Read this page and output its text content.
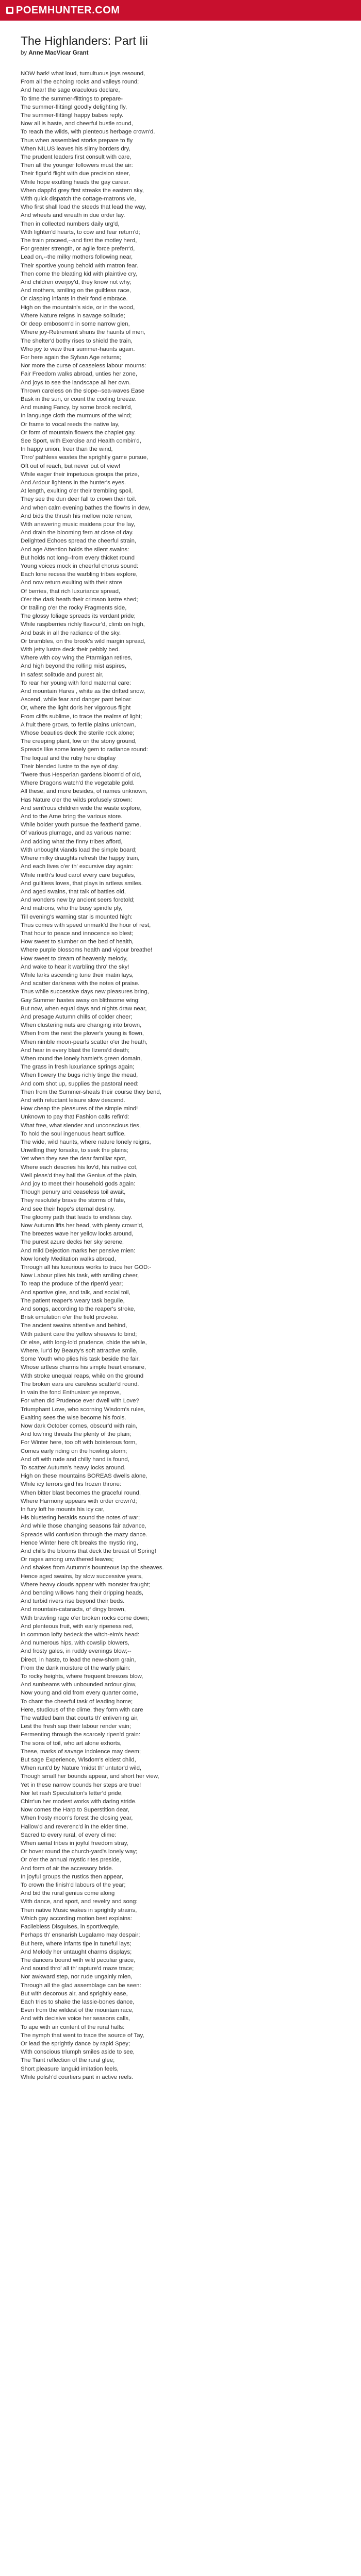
POEMHUNTER.COM
The Highlanders: Part Iii
by Anne MacVicar Grant
NOW hark! what loud, tumultuous joys resound,
From all the echoing rocks and valleys round;
And hear! the sage oraculous declare,
To time the summer-flittings to prepare-
The summer-flitting! goodly delighting fly,
The summer-flitting! happy babes reply.
Now all is haste, and cheerful bustle round,
To reach the wilds, with plenteous herbage crown'd.
Thus when assembled storks prepare to fly
When NILUS leaves his slimy borders dry,
The prudent leaders first consult with care,
Then all the younger followers must the air:
Their figur'd flight with due precision steer,
While hope exulting heads the gay career.
When dappl'd grey first streaks the eastern sky,
With quick dispatch the cottage-matrons vie,
Who first shall load the steeds that lead the way,
And wheels and wreath in due order lay.
Then in collected numbers daily urg'd,
With lighten'd hearts, to cow and fear return'd;
The train proceed,--and first the motley herd,
For greater strength, or agile force preferr'd,
Lead on,--the milky mothers following near,
Their sportive young behold with matron fear.
Then come the bleating kid with plaintive cry,
And children overjoy'd, they know not why;
And mothers, smiling on the guiltless race,
Or clasping infants in their fond embrace.
High on the mountain's side, or in the wood,
Where Nature reigns in savage solitude;
Or deep embosom'd in some narrow glen,
Where joy-Retirement shuns the haunts of men,
The shelter'd bothy rises to shield the train,
Who joy to view their summer-haunts again.
For here again the Sylvan Age returns;
Nor more the curse of ceaseless labour mourns:
Fair Freedom walks abroad, unties her zone,
And joys to see the landscape all her own.
Thrown careless on the slope--sea-waves Ease
Bask in the sun, or count the cooling breeze.
And musing Fancy, by some brook reclin'd,
In language cloth the murmurs of the wind;
Or frame to vocal reeds the native lay,
Or form of mountain flowers the chaplet gay.
See Sport, with Exercise and Health combin'd,
In happy union, freer than the wind,
Thro' pathless wastes the sprightly game pursue,
Oft out of reach, but never out of view!
While eager their impetuous groups the prize,
And Ardour lightens in the hunter's eyes.
At length, exulting o'er their trembling spoil,
They see the dun deer fall to crown their toil.
And when calm evening bathes the flow'rs in dew,
And bids the thrush his mellow note renew,
With answering music maidens pour the lay,
And drain the blooming fern at close of day.
Delighted Echoes spread the cheerful strain,
And age Attention holds the silent swains:
But holds not long--from every thicket round
Young voices mock in cheerful chorus sound:
Each lone recess the warbling tribes explore,
And now return exulting with their store
Of berries, that rich luxuriance spread,
O'er the dark heath their crimson lustre shed;
Or trailing o'er the rocky Fragments side,
The glossy foliage spreads its verdant pride;
While raspberries richly flavour'd, climb on high,
And bask in all the radiance of the sky.
Or brambles, on the brook's wild margin spread,
With jetty lustre deck their pebbly bed.
Where with coy wing the Ptarmigan retires,
And high beyond the rolling mist aspires,
In safest solitude and purest air,
To rear her young with fond maternal care:
And mountain Hares , white as the drifted snow,
Ascend, while fear and danger pant below:
Or, where the light doris her vigorous flight
From cliffs sublime, to trace the realms of light;
A fruit there grows, to fertile plains unknown,
Whose beauties deck the sterile rock alone;
The creeping plant, low on the stony ground,
Spreads like some lonely gem to radiance round:
The loqual and the ruby here display
Their blended lustre to the eye of day.
'Twere thus Hesperian gardens bloom'd of old,
Where Dragons watch'd the vegetable gold.
All these, and more besides, of names unknown,
Has Nature o'er the wilds profusely strown:
And sent'rous children wide the waste explore,
And to the Arne bring the various store.
While bolder youth pursue the feather'd game,
Of various plumage, and as various name:
And adding what the finny tribes afford,
With unbought viands load the simple board;
Where milky draughts refresh the happy train,
And each lives o'er th' excursive day again:
While mirth's loud carol every care beguiles,
And guiltless loves, that plays in artless smiles.
And aged swains, that talk of battles old,
And wonders new by ancient seers foretold;
And matrons, who the busy spindle ply,
Till evening's warning star is mounted high:
Thus comes with speed unmark'd the hour of rest,
That hour to peace and innocence so blest;
How sweet to slumber on the bed of health,
Where purple blossoms health and vigour breathe!
How sweet to dream of heavenly melody,
And wake to hear it warbling thro' the sky!
While larks ascending tune their matin lays,
And scatter darkness with the notes of praise.
Thus while successive days new pleasures bring,
Gay Summer hastes away on blithsome wing:
But now, when equal days and nights draw near,
And presage Autumn chills of colder cheer;
When clustering nuts are changing into brown,
When from the nest the plover's young is flown,
When nimble moon-pearls scatter o'er the heath,
And hear in every blast the lizens'd death;
When round the lonely hamlet's green domain,
The grass in fresh luxuriance springs again;
When flowery the bugs richly tinge the mead,
And corn shot up, supplies the pastoral need:
Then from the Summer-sheals their course they bend,
And with reluctant leisure slow descend.
How cheap the pleasures of the simple mind!
Unknown to pay that Fashion calls refin'd:
What free, what slender and unconscious ties,
To hold the soul ingenuous heart suffice.
The wide, wild haunts, where nature lonely reigns,
Unwilling they forsake, to seek the plains;
Yet when they see the dear familiar spot,
Where each descries his lov'd, his native cot,
Well pleas'd they hail the Genius of the plain,
And joy to meet their household gods again:
Though penury and ceaseless toil await,
They resolutely brave the storms of fate,
And see their hope's eternal destiny.
The gloomy path that leads to endless day.
Now Autumn lifts her head, with plenty crown'd,
The breezes wave her yellow locks around,
The purest azure decks her sky serene,
And mild Dejection marks her pensive mien:
Now lonely Meditation walks abroad,
Through all his luxurious works to trace her GOD:-
Now Labour plies his task, with smiling cheer,
To reap the produce of the ripen'd year;
And sportive glee, and talk, and social toil,
The patient reaper's weary task beguile,
And songs, according to the reaper's stroke,
Brisk emulation o'er the field provoke.
The ancient swains attentive and behind,
With patient care the yellow sheaves to bind;
Or else, with long-lo'd prudence, chide the while,
Where, lur'd by Beauty's soft attractive smile,
Some Youth who plies his task beside the fair,
Whose artless charms his simple heart ensnare,
With stroke unequal reaps, while on the ground
The broken ears are careless scatter'd round.
In vain the fond Enthusiast ye reprove,
For when did Prudence ever dwell with Love?
Triumphant Love, who scorning Wisdom's rules,
Exalting sees the wise become his fools.
Now dark October comes, obscur'd with rain,
And low'ring threats the plenty of the plain;
For Winter here, too oft with boisterous form,
Comes early riding on the howling storm;
And oft with rude and chilly hand is found,
To scatter Autumn's heavy locks around.
High on these mountains BOREAS dwells alone,
While icy terrors gird his frozen throne:
When bitter blast becomes the graceful round,
Where Harmony appears with order crown'd;
In fury loft he mounts his icy car,
His blustering heralds sound the notes of war;
And while those changing seasons fair advance,
Spreads wild confusion through the mazy dance.
Hence Winter here oft breaks the mystic ring,
And chills the blooms that deck the breast of Spring!
Or rages among unwithered leaves;
And shakes from Autumn's bounteous lap the sheaves.
Hence aged swains, by slow successive years,
Where heavy clouds appear with monster fraught;
And bending willows hang their dripping heads,
And turbid rivers rise beyond their beds.
And mountain-cataracts, of dingy brown,
With brawling rage o'er broken rocks come down;
And plenteous fruit, with early ripeness red,
In common lofty bedeck the witch-elm's head:
And numerous hips, with cowslip blowers,
And frosty gales, in ruddy evenings blow;--
Direct, in haste, to lead the new-shorn grain,
From the dank moisture of the warfy plain:
To rocky heights, where frequent breezes blow,
And sunbeams with unbounded ardour glow,
Now young and old from every quarter come,
To chant the cheerful task of leading home;
Here, studious of the clime, they form with care
The wattled barn that courts th' enlivening air,
Lest the fresh sap their labour render vain;
Fermenting through the scarcely ripen'd grain:
The sons of toil, who art alone exhorts,
These, marks of savage indolence may deem;
But sage Experience, Wisdom's eldest child,
When runt'd by Nature 'midst th' untutor'd wild,
Though small her bounds appear, and short her view,
Yet in these narrow bounds her steps are true!
Nor let rash Speculation's letter'd pride,
Chirr'un her modest works with daring stride.
Now comes the Harp to Superstition dear,
When frosty moon's forest the closing year,
Hallow'd and reverenc'd in the elder time,
Sacred to every rural, of every clime:
When aerial tribes in joyful freedom stray,
Or hover round the church-yard's lonely way;
Or o'er the annual mystic rites preside,
And form of air the accessory bride.
In joyful groups the rustics then appear,
To crown the finish'd labours of the year;
And bid the rural genius come along
With dance, and sport, and revelry and song:
Then native Music wakes in sprightly strains,
Which gay according motion best explains:
Facilebless Disguises, in sportiveqyle,
Perhaps th' ensnarish Lugalamo may despair;
But here, where infants tipe in tuneful lays;
And Melody her untaught charms displays;
The dancers bound with wild peculiar grace,
And sound thro' all th' rapture'd maze trace;
Nor awkward step, nor rude ungainly mien,
Through all the glad assemblage can be seen:
But with decorous air, and sprightly ease,
Each tries to shake the lassie-bones dance,
Even from the wildest of the mountain race,
And with decisive voice her seasons calls,
To ape with air content of the rural halls:
The nymph that went to trace the source of Tay,
Or lead the sprightly dance by rapid Spey;
With conscious triumph smiles aside to see,
The Tiant reflection of the rural glee;
Short pleasure languid imitation feels,
While polish'd courtiers pant in active reels.
